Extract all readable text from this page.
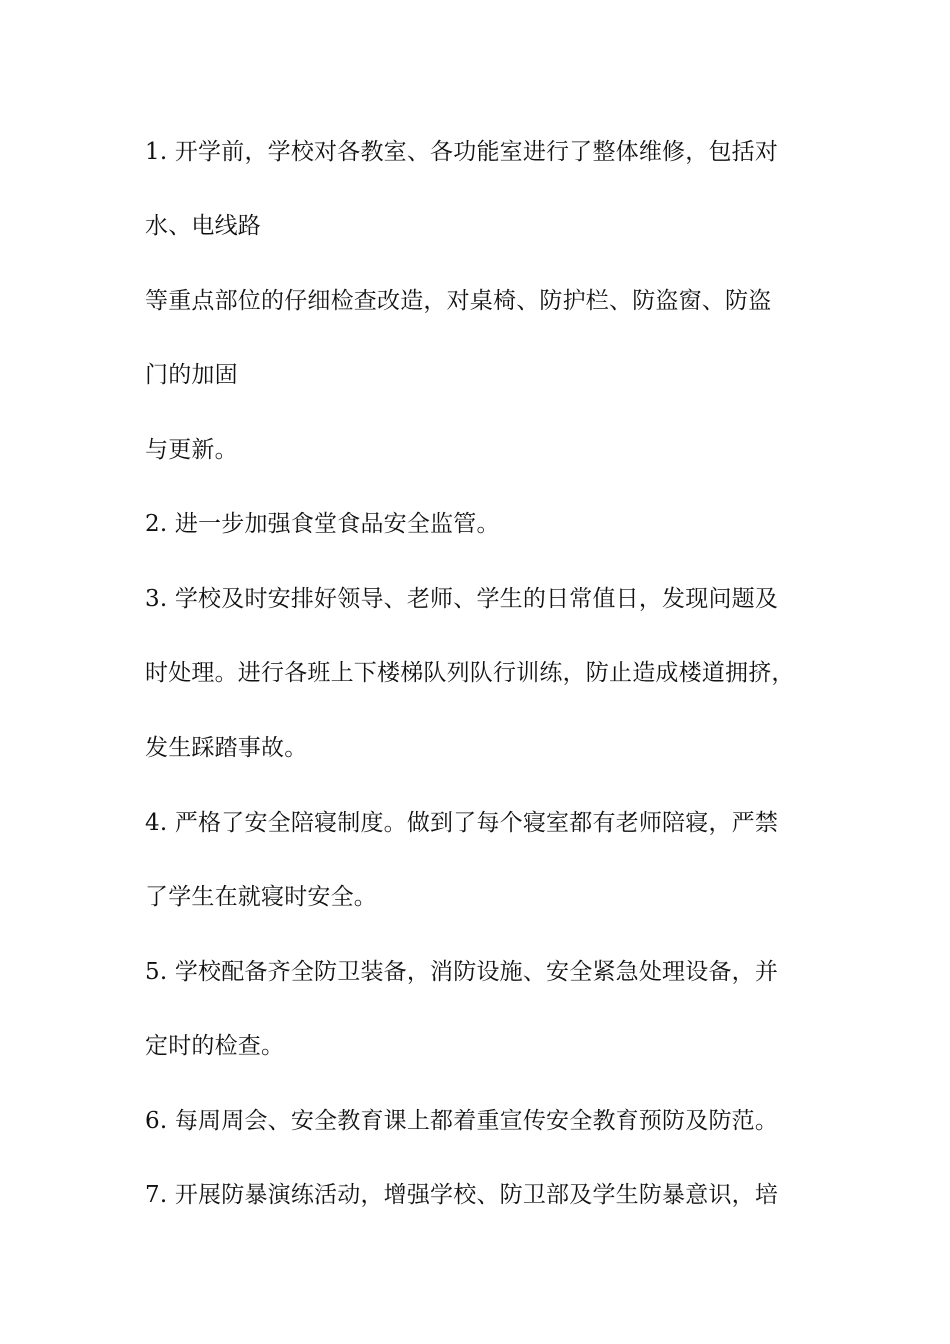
1. 开学前，学校对各教室、各功能室进行了整体维修，包括对
水、电线路
等重点部位的仔细检查改造，对桌椅、防护栏、防盗窗、防盗
门的加固
与更新。
2. 进一步加强食堂食品安全监管。
3. 学校及时安排好领导、老师、学生的日常值日，发现问题及
时处理。进行各班上下楼梯队列队行训练，防止造成楼道拥挤，
发生踩踏事故。
4. 严格了安全陪寝制度。做到了每个寝室都有老师陪寝，严禁
了学生在就寝时安全。
5. 学校配备齐全防卫装备，消防设施、安全紧急处理设备，并
定时的检查。
6. 每周周会、安全教育课上都着重宣传安全教育预防及防范。
7. 开展防暴演练活动，增强学校、防卫部及学生防暴意识，培
